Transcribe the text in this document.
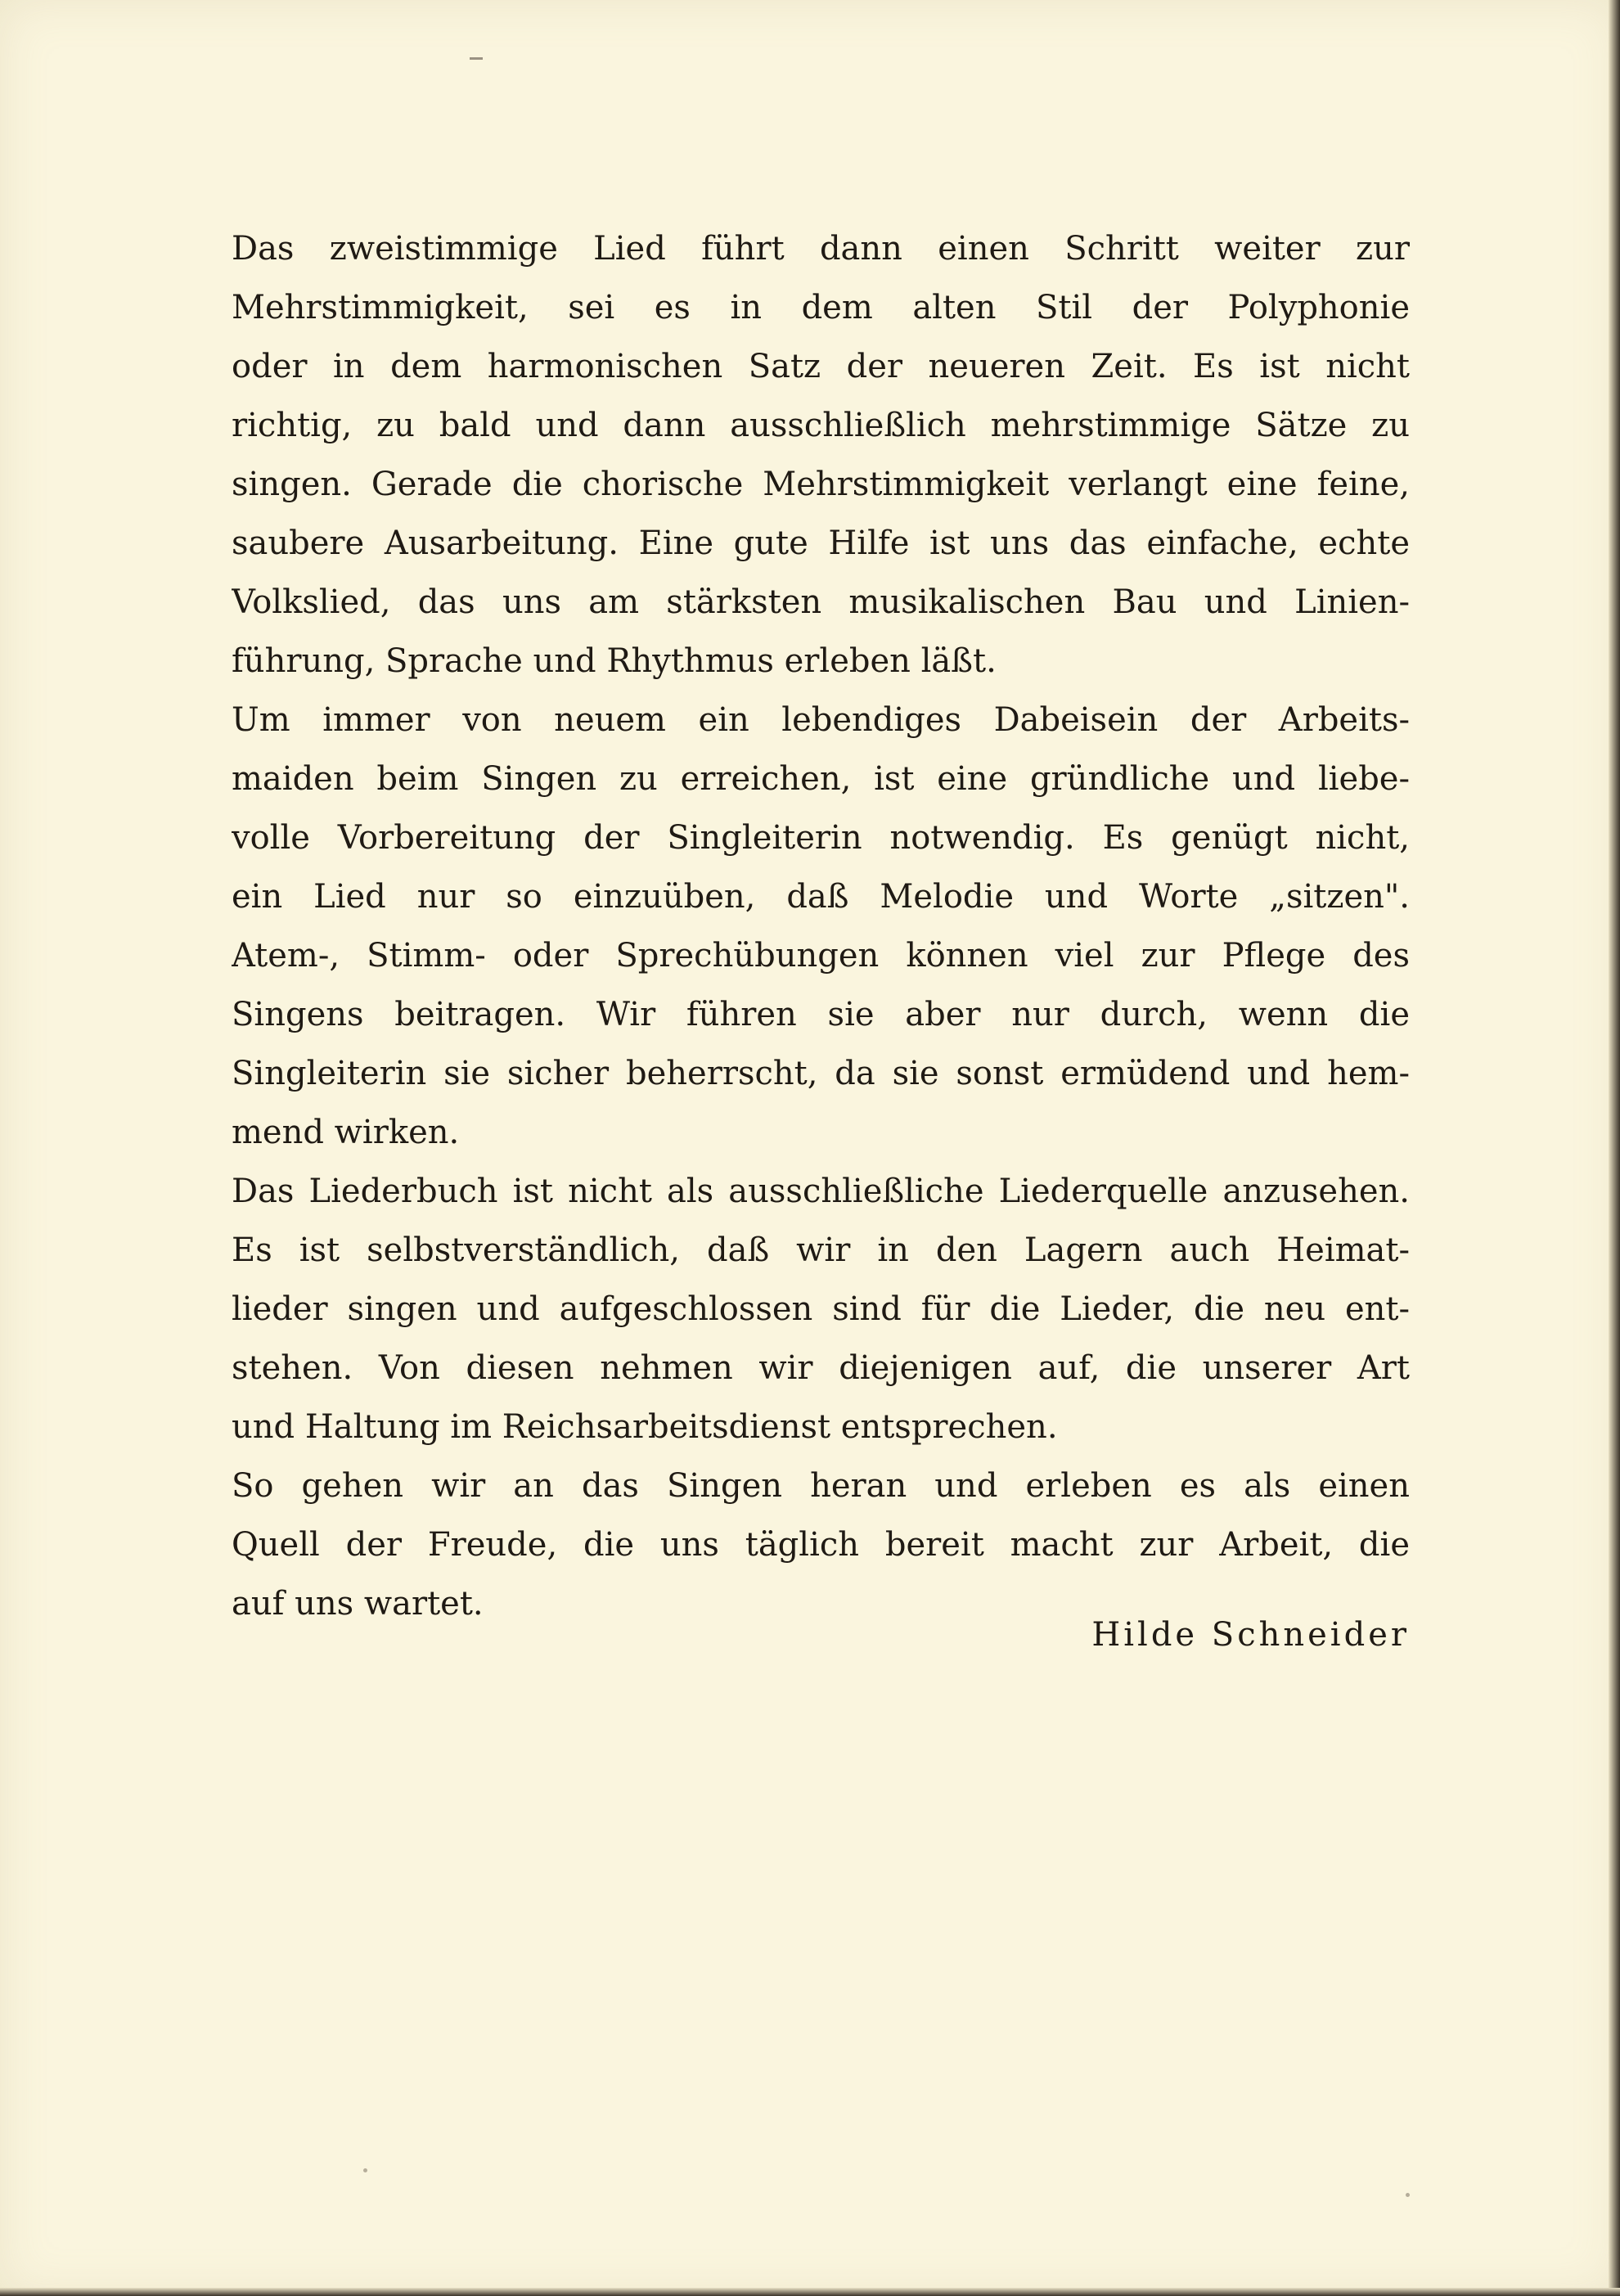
Das zweistimmige Lied führt dann einen Schritt weiter zur
Mehrstimmigkeit, sei es in dem alten Stil der Polyphonie
oder in dem harmonischen Satz der neueren Zeit. Es ist nicht
richtig, zu bald und dann ausschließlich mehrstimmige Sätze zu
singen. Gerade die chorische Mehrstimmigkeit verlangt eine feine,
saubere Ausarbeitung. Eine gute Hilfe ist uns das einfache, echte
Volkslied, das uns am stärksten musikalischen Bau und Linien-
führung, Sprache und Rhythmus erleben läßt.
Um immer von neuem ein lebendiges Dabeisein der Arbeits-
maiden beim Singen zu erreichen, ist eine gründliche und liebe-
volle Vorbereitung der Singleiterin notwendig. Es genügt nicht,
ein Lied nur so einzuüben, daß Melodie und Worte „sitzen".
Atem-, Stimm- oder Sprechübungen können viel zur Pflege des
Singens beitragen. Wir führen sie aber nur durch, wenn die
Singleiterin sie sicher beherrscht, da sie sonst ermüdend und hem-
mend wirken.
Das Liederbuch ist nicht als ausschließliche Liederquelle anzusehen.
Es ist selbstverständlich, daß wir in den Lagern auch Heimat-
lieder singen und aufgeschlossen sind für die Lieder, die neu ent-
stehen. Von diesen nehmen wir diejenigen auf, die unserer Art
und Haltung im Reichsarbeitsdienst entsprechen.
So gehen wir an das Singen heran und erleben es als einen
Quell der Freude, die uns täglich bereit macht zur Arbeit, die
auf uns wartet.
Hilde Schneider
